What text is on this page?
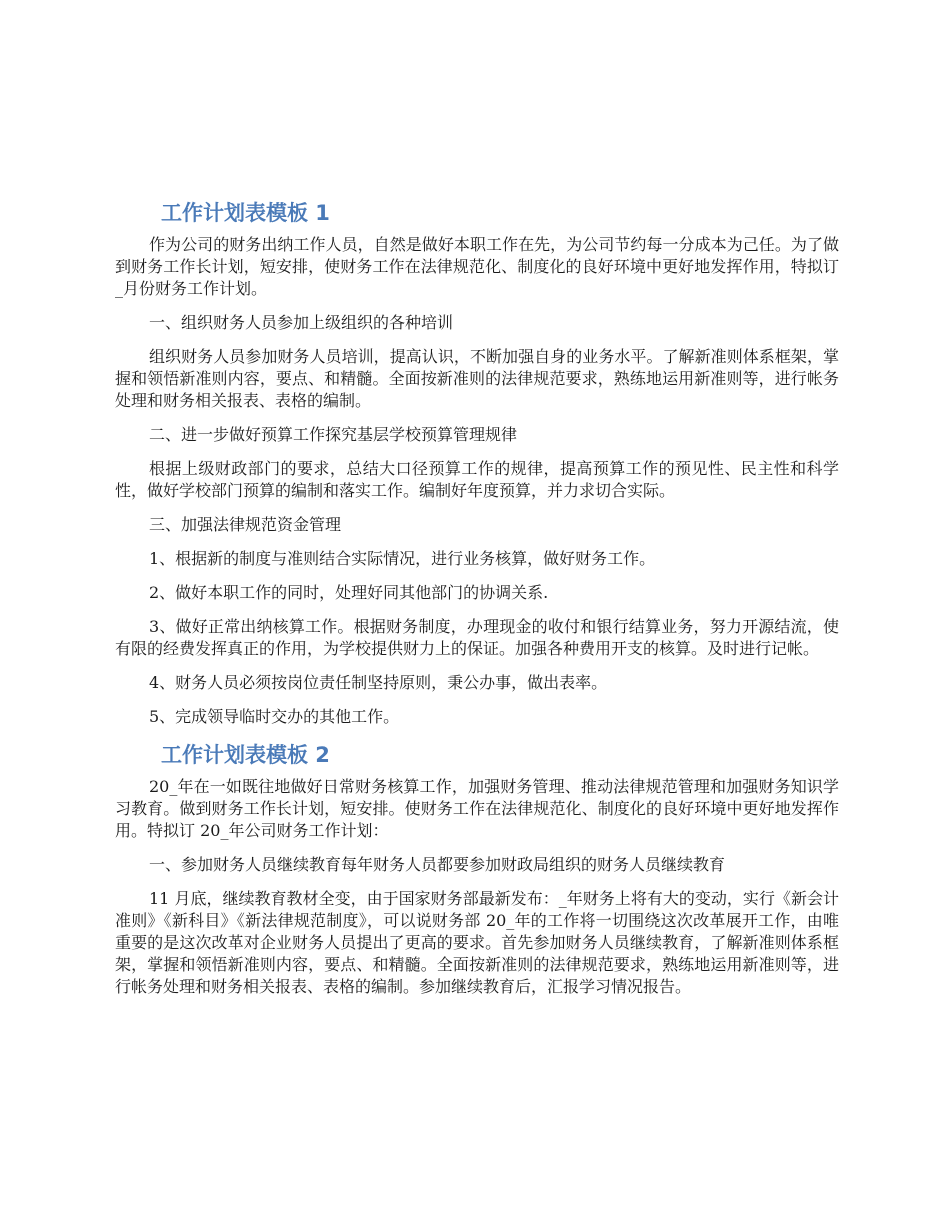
工作计划表模板 1

作为公司的财务出纳工作人员，自然是做好本职工作在先，为公司节约每一分成本为己任。为了做到财务工作长计划，短安排，使财务工作在法律规范化、制度化的良好环境中更好地发挥作用，特拟订_月份财务工作计划。

一、组织财务人员参加上级组织的各种培训

组织财务人员参加财务人员培训，提高认识，不断加强自身的业务水平。了解新准则体系框架，掌握和领悟新准则内容，要点、和精髓。全面按新准则的法律规范要求，熟练地运用新准则等，进行帐务处理和财务相关报表、表格的编制。

二、进一步做好预算工作探究基层学校预算管理规律

根据上级财政部门的要求，总结大口径预算工作的规律，提高预算工作的预见性、民主性和科学性，做好学校部门预算的编制和落实工作。编制好年度预算，并力求切合实际。

三、加强法律规范资金管理

1、根据新的制度与准则结合实际情况，进行业务核算，做好财务工作。

2、做好本职工作的同时，处理好同其他部门的协调关系.

3、做好正常出纳核算工作。根据财务制度，办理现金的收付和银行结算业务，努力开源结流，使有限的经费发挥真正的作用，为学校提供财力上的保证。加强各种费用开支的核算。及时进行记帐。

4、财务人员必须按岗位责任制坚持原则，秉公办事，做出表率。

5、完成领导临时交办的其他工作。

工作计划表模板 2

20_年在一如既往地做好日常财务核算工作，加强财务管理、推动法律规范管理和加强财务知识学习教育。做到财务工作长计划，短安排。使财务工作在法律规范化、制度化的良好环境中更好地发挥作用。特拟订 20_年公司财务工作计划：

一、参加财务人员继续教育每年财务人员都要参加财政局组织的财务人员继续教育

11 月底，继续教育教材全变，由于国家财务部最新发布：_年财务上将有大的变动，实行《新会计准则》《新科目》《新法律规范制度》，可以说财务部 20_年的工作将一切围绕这次改革展开工作，由唯重要的是这次改革对企业财务人员提出了更高的要求。首先参加财务人员继续教育，了解新准则体系框架，掌握和领悟新准则内容，要点、和精髓。全面按新准则的法律规范要求，熟练地运用新准则等，进行帐务处理和财务相关报表、表格的编制。参加继续教育后，汇报学习情况报告。
